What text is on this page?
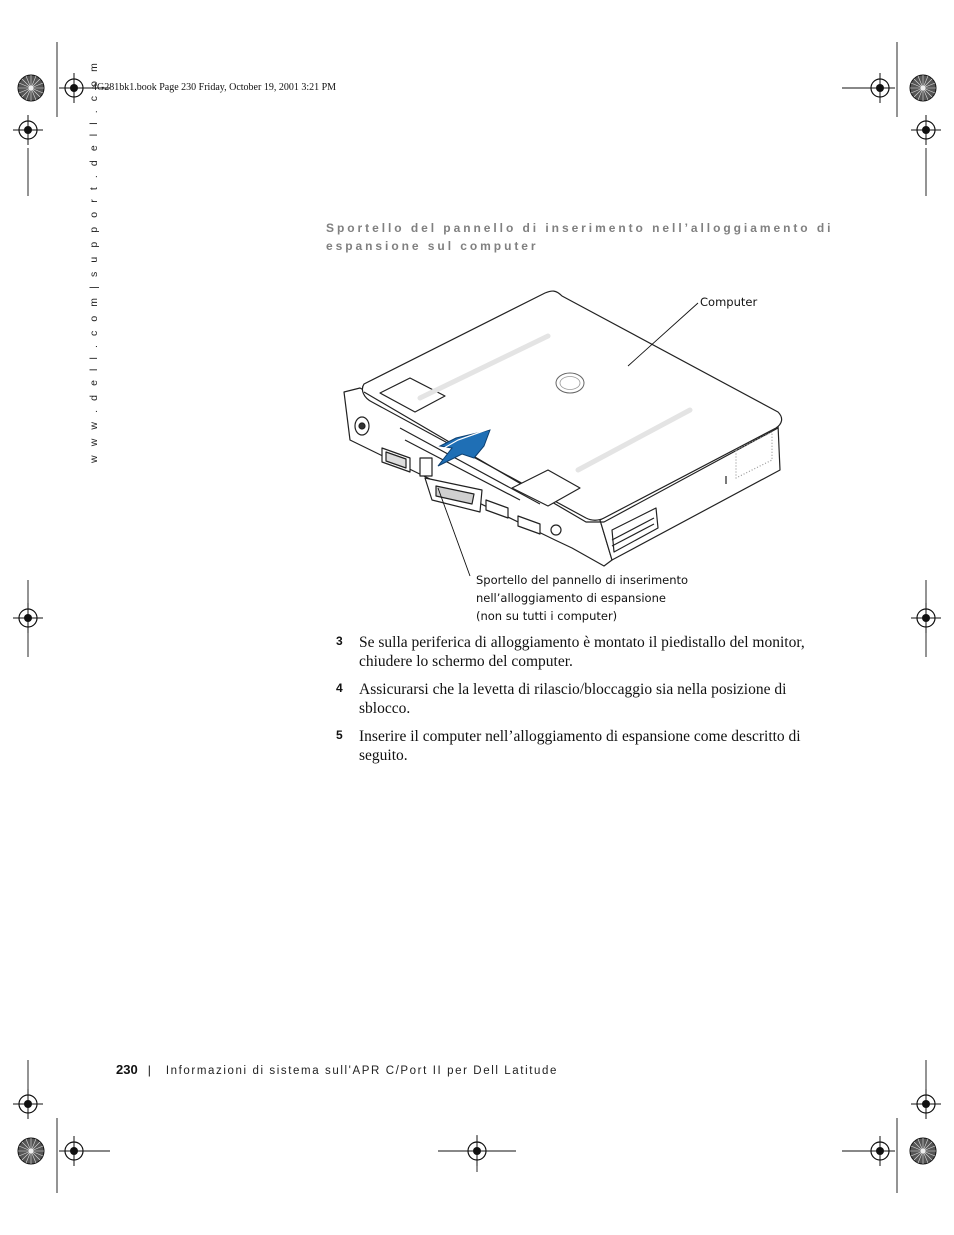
4G281bk1.book Page 230 Friday, October 19, 2001 3:21 PM
w w w . d e l l . c o m | s u p p o r t . d e l l . c o m	Sportello del pannello di inserimento nell’alloggiamento di
espansione sul computer
Computer
Sportello del pannello di inserimento
nell’alloggiamento di espansione
(non su tutti i computer)
3 Se sulla periferica di alloggiamento è montato il piedistallo del monitor, chiudere lo schermo del computer.
4 Assicurarsi che la levetta di rilascio/bloccaggio sia nella posizione di sblocco.
5 Inserire il computer nell’alloggiamento di espansione come descritto di seguito.
230 | Informazioni di sistema sull'APR C/Port II per Dell Latitude
